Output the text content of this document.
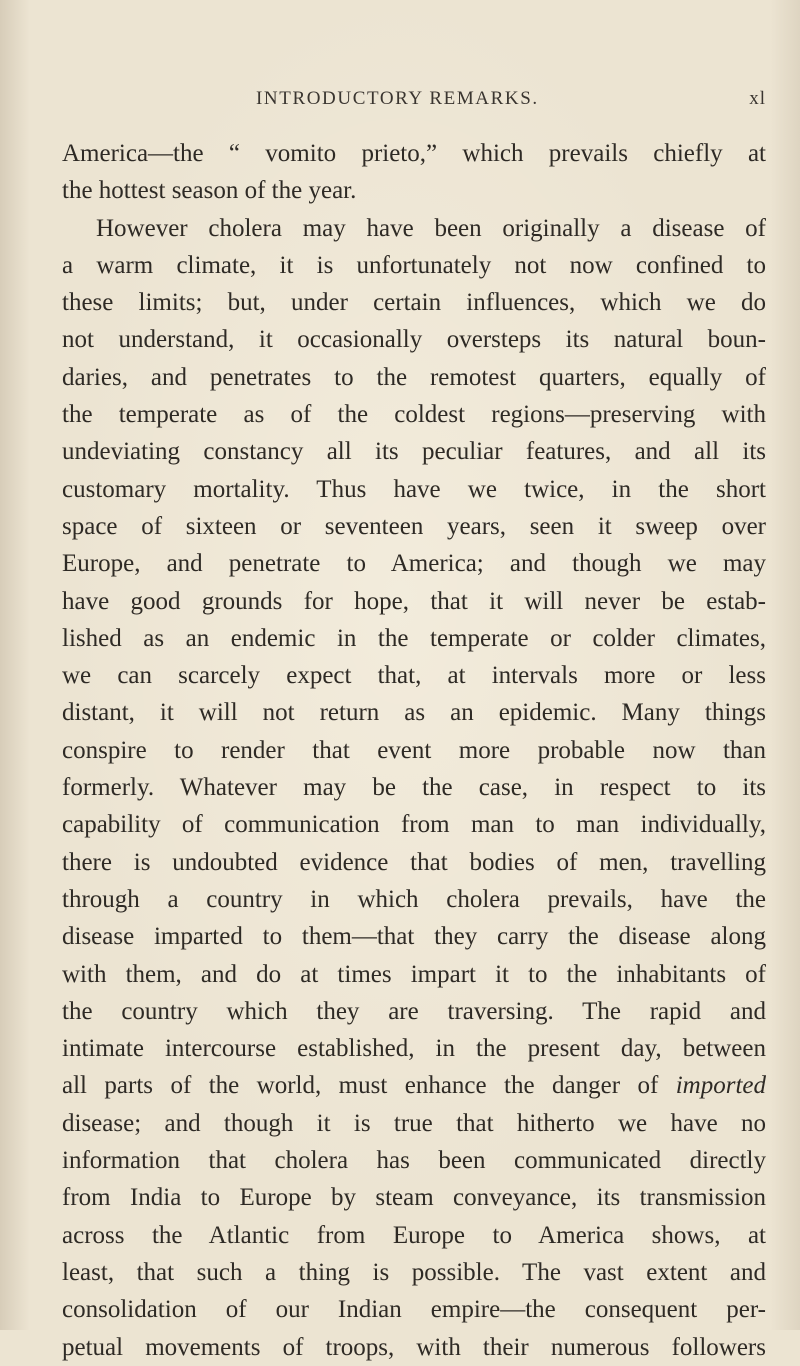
INTRODUCTORY REMARKS.	xl
America—the “ vomito prieto,” which prevails chiefly at
the hottest season of the year.
However cholera may have been originally a disease of
a warm climate, it is unfortunately not now confined to
these limits; but, under certain influences, which we do
not understand, it occasionally oversteps its natural boun-
daries, and penetrates to the remotest quarters, equally of
the temperate as of the coldest regions—preserving with
undeviating constancy all its peculiar features, and all its
customary mortality. Thus have we twice, in the short
space of sixteen or seventeen years, seen it sweep over
Europe, and penetrate to America; and though we may
have good grounds for hope, that it will never be estab-
lished as an endemic in the temperate or colder climates,
we can scarcely expect that, at intervals more or less
distant, it will not return as an epidemic. Many things
conspire to render that event more probable now than
formerly. Whatever may be the case, in respect to its
capability of communication from man to man individually,
there is undoubted evidence that bodies of men, travelling
through a country in which cholera prevails, have the
disease imparted to them—that they carry the disease along
with them, and do at times impart it to the inhabitants of
the country which they are traversing. The rapid and
intimate intercourse established, in the present day, between
all parts of the world, must enhance the danger of imported
disease; and though it is true that hitherto we have no
information that cholera has been communicated directly
from India to Europe by steam conveyance, its transmission
across the Atlantic from Europe to America shows, at
least, that such a thing is possible. The vast extent and
consolidation of our Indian empire—the consequent per-
petual movements of troops, with their numerous followers
